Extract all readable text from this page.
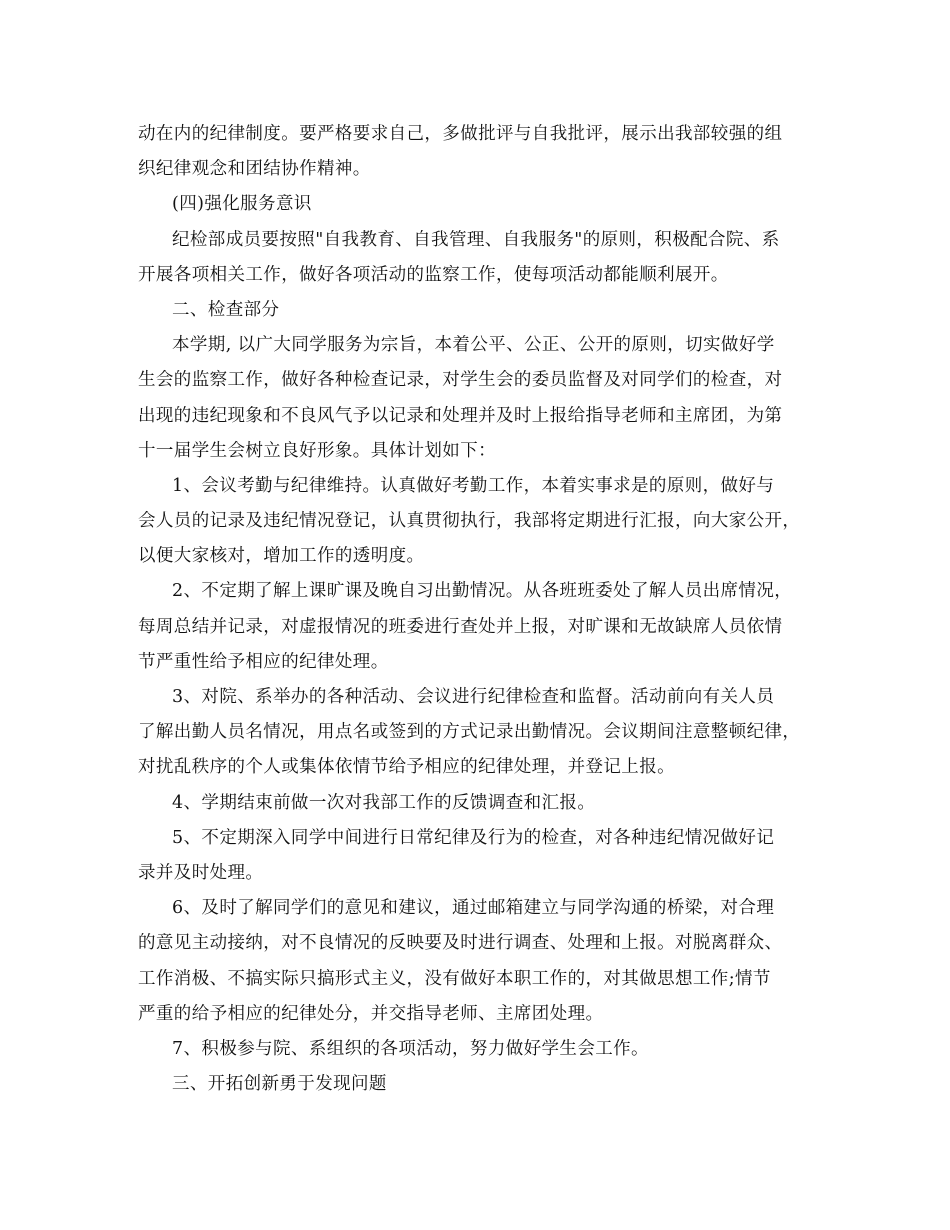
动在内的纪律制度。要严格要求自己，多做批评与自我批评，展示出我部较强的组

织纪律观念和团结协作精神。

(四)强化服务意识

纪检部成员要按照"自我教育、自我管理、自我服务"的原则，积极配合院、系

开展各项相关工作，做好各项活动的监察工作，使每项活动都能顺利展开。

二、检查部分

本学期, 以广大同学服务为宗旨，本着公平、公正、公开的原则，切实做好学

生会的监察工作，做好各种检查记录，对学生会的委员监督及对同学们的检查，对

出现的违纪现象和不良风气予以记录和处理并及时上报给指导老师和主席团，为第

十一届学生会树立良好形象。具体计划如下：

1、会议考勤与纪律维持。认真做好考勤工作，本着实事求是的原则，做好与

会人员的记录及违纪情况登记，认真贯彻执行，我部将定期进行汇报，向大家公开，

以便大家核对，增加工作的透明度。

2、不定期了解上课旷课及晚自习出勤情况。从各班班委处了解人员出席情况，

每周总结并记录，对虚报情况的班委进行查处并上报，对旷课和无故缺席人员依情

节严重性给予相应的纪律处理。

3、对院、系举办的各种活动、会议进行纪律检查和监督。活动前向有关人员

了解出勤人员名情况，用点名或签到的方式记录出勤情况。会议期间注意整顿纪律，

对扰乱秩序的个人或集体依情节给予相应的纪律处理，并登记上报。

4、学期结束前做一次对我部工作的反馈调查和汇报。

5、不定期深入同学中间进行日常纪律及行为的检查，对各种违纪情况做好记

录并及时处理。

6、及时了解同学们的意见和建议，通过邮箱建立与同学沟通的桥梁，对合理

的意见主动接纳，对不良情况的反映要及时进行调查、处理和上报。对脱离群众、

工作消极、不搞实际只搞形式主义，没有做好本职工作的，对其做思想工作;情节

严重的给予相应的纪律处分，并交指导老师、主席团处理。

7、积极参与院、系组织的各项活动，努力做好学生会工作。

三、开拓创新勇于发现问题
